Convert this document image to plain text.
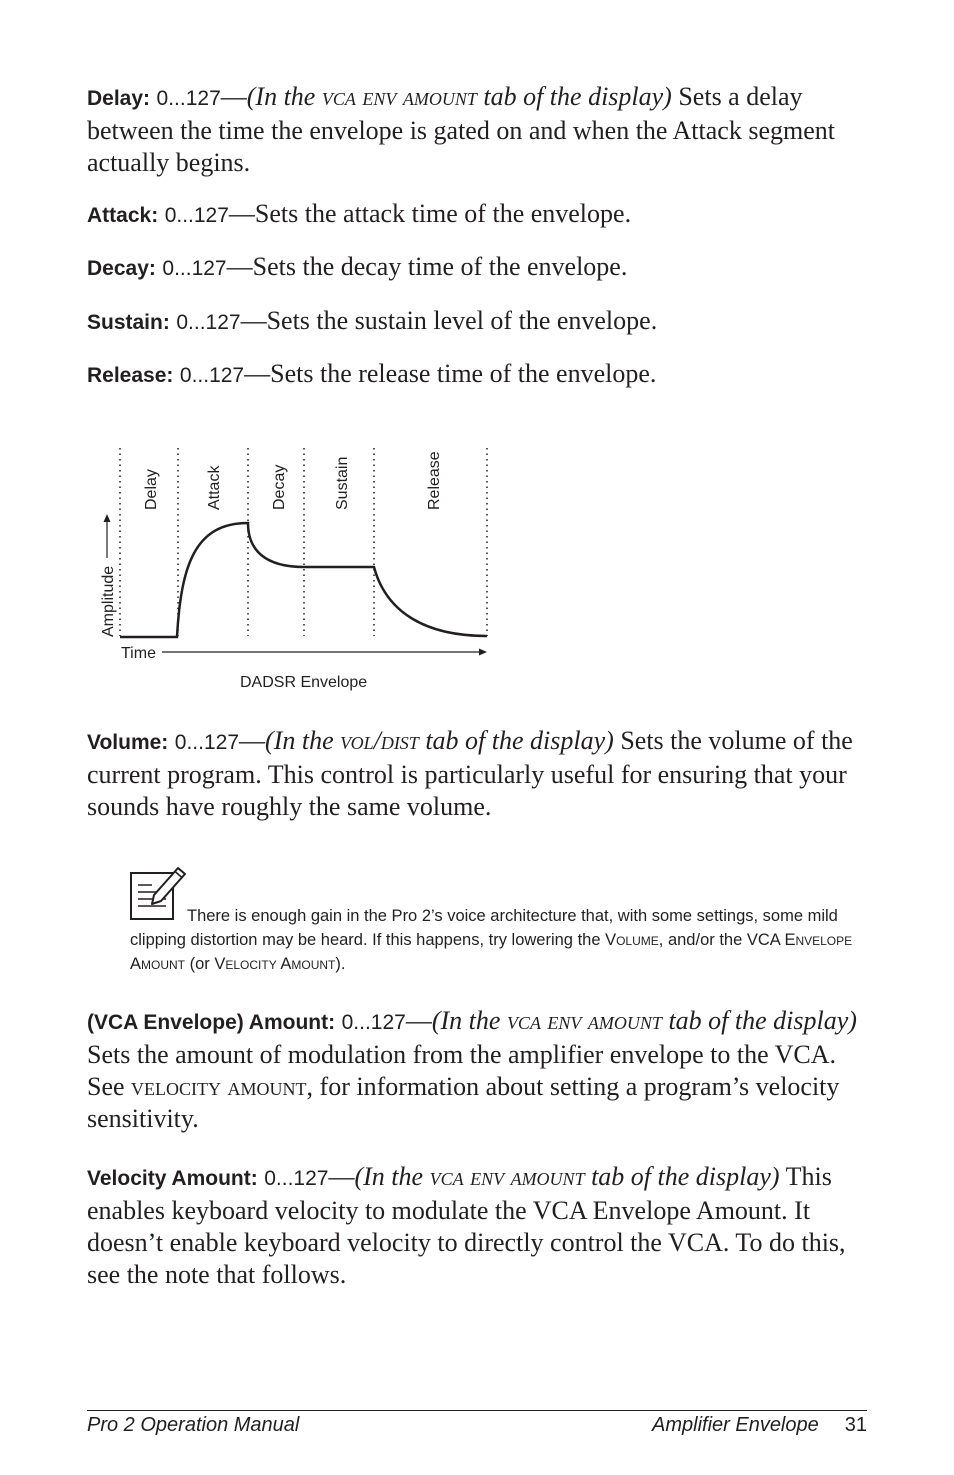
Delay: 0...127—(In the vca env amount tab of the display) Sets a delay between the time the envelope is gated on and when the Attack segment actually begins.

Attack: 0...127—Sets the attack time of the envelope.

Decay: 0...127—Sets the decay time of the envelope.

Sustain: 0...127—Sets the sustain level of the envelope.

Release: 0...127—Sets the release time of the envelope.

Delay	Attack	Decay	Sustain	Release
Amplitude
Time
DADSR Envelope

Volume: 0...127—(In the vol/dist tab of the display) Sets the volume of the current program. This control is particularly useful for ensuring that your sounds have roughly the same volume.

There is enough gain in the Pro 2’s voice architecture that, with some settings, some mild clipping distortion may be heard. If this happens, try lowering the Volume, and/or the VCA Envelope Amount (or Velocity Amount).

(VCA Envelope) Amount: 0...127—(In the vca env amount tab of the display) Sets the amount of modulation from the amplifier envelope to the VCA. See velocity amount, for information about setting a program’s velocity sensitivity.

Velocity Amount: 0...127—(In the vca env amount tab of the display) This enables keyboard velocity to modulate the VCA Envelope Amount. It doesn’t enable keyboard velocity to directly control the VCA. To do this, see the note that follows.

Pro 2 Operation Manual	Amplifier Envelope 31
